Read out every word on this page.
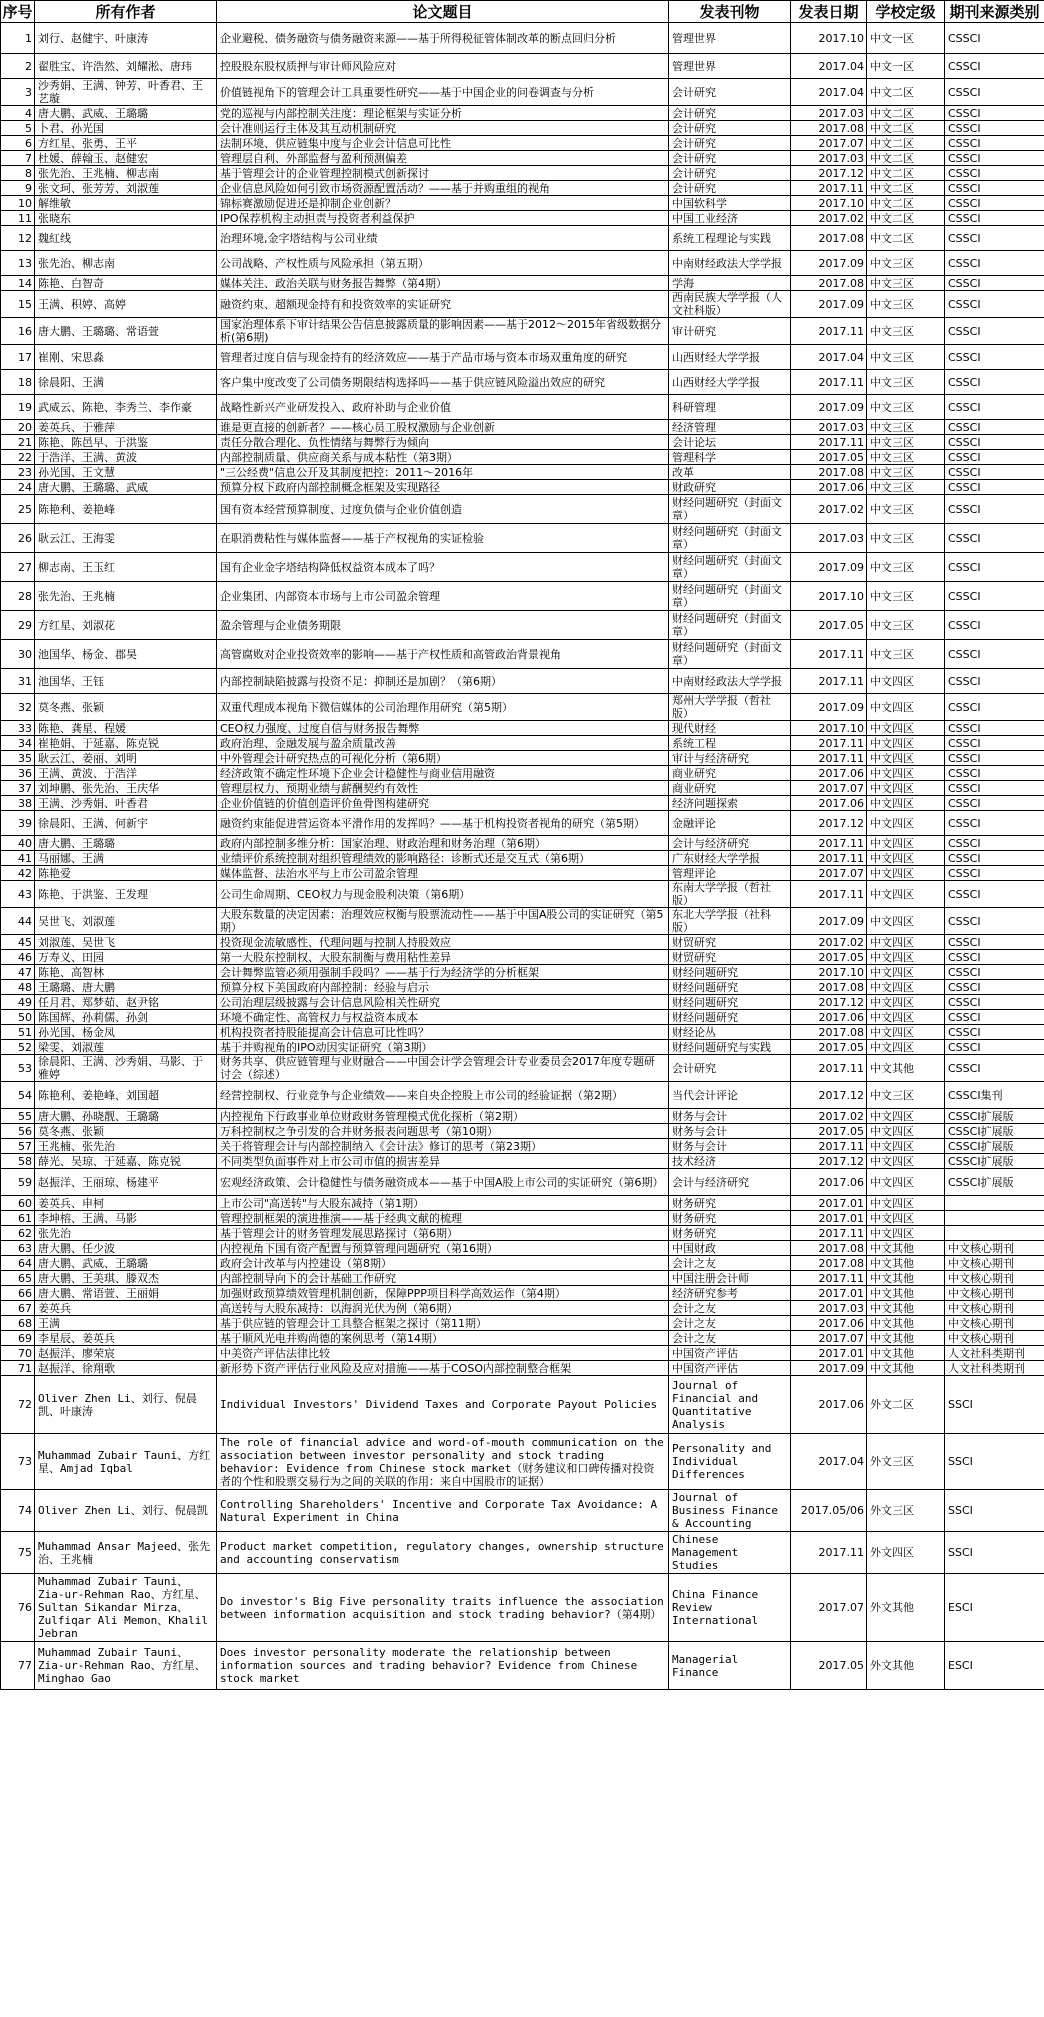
序号	所有作者	论文题目	发表刊物	发表日期	学校定级	期刊来源类别
1	刘行、赵健宇、叶康涛	企业避税、债务融资与债务融资来源——基于所得税征管体制改革的断点回归分析	管理世界	2017.10	中文一区	CSSCI
2	翟胜宝、许浩然、刘耀淞、唐玮	控股股东股权质押与审计师风险应对	管理世界	2017.04	中文一区	CSSCI
3	沙秀娟、王满、钟芳、叶香君、王艺璇	价值链视角下的管理会计工具重要性研究——基于中国企业的问卷调查与分析	会计研究	2017.04	中文二区	CSSCI
4	唐大鹏、武威、王璐璐	党的巡视与内部控制关注度：理论框架与实证分析	会计研究	2017.03	中文二区	CSSCI
5	卜君、孙光国	会计准则运行主体及其互动机制研究	会计研究	2017.08	中文二区	CSSCI
6	方红星、张勇、王平	法制环境、供应链集中度与企业会计信息可比性	会计研究	2017.07	中文二区	CSSCI
7	杜媛、薛翰玉、赵健宏	管理层自利、外部监督与盈利预测偏差	会计研究	2017.03	中文二区	CSSCI
8	张先治、王兆楠、柳志南	基于管理会计的企业管理控制模式创新探讨	会计研究	2017.12	中文二区	CSSCI
9	张文珂、张芳芳、刘淑莲	企业信息风险如何引致市场资源配置活动？——基于并购重组的视角	会计研究	2017.11	中文二区	CSSCI
10	解维敏	锦标赛激励促进还是抑制企业创新？	中国软科学	2017.10	中文二区	CSSCI
11	张晓东	IPO保荐机构主动担责与投资者利益保护	中国工业经济	2017.02	中文二区	CSSCI
12	魏紅线	治理环境,金字塔结构与公司业绩	系统工程理论与实践	2017.08	中文二区	CSSCI
13	张先治、柳志南	公司战略、产权性质与风险承担（第五期）	中南财经政法大学学报	2017.09	中文三区	CSSCI
14	陈艳、白智奇	媒体关注、政治关联与财务报告舞弊（第4期）	学海	2017.08	中文三区	CSSCI
15	王满、积婷、高婷	融资约束、超额现金持有和投资效率的实证研究	西南民族大学学报（人文社科版）	2017.09	中文三区	CSSCI
16	唐大鹏、王璐璐、常语萱	国家治理体系下审计结果公告信息披露质量的影响因素——基于2012～2015年省级数据分析(第6期)	审计研究	2017.11	中文三区	CSSCI
17	崔刚、宋思淼	管理者过度自信与现金持有的经济效应——基于产品市场与资本市场双重角度的研究	山西财经大学学报	2017.04	中文三区	CSSCI
18	徐晨阳、王满	客户集中度改变了公司债务期限结构选择吗——基于供应链风险溢出效应的研究	山西财经大学学报	2017.11	中文三区	CSSCI
19	武威云、陈艳、李秀兰、李作豪	战略性新兴产业研发投入、政府补助与企业价值	科研管理	2017.09	中文三区	CSSCI
20	姜英兵、于雅萍	谁是更直接的创新者？——核心员工股权激励与企业创新	经济管理	2017.03	中文三区	CSSCI
21	陈艳、陈邑早、于洪鉴	责任分散合理化、负性情绪与舞弊行为倾向	会计论坛	2017.11	中文三区	CSSCI
22	于浩洋、王满、黄波	内部控制质量、供应商关系与成本粘性（第3期）	管理科学	2017.05	中文三区	CSSCI
23	孙光国、王文慧	"三公经费"信息公开及其制度把控：2011～2016年	改革	2017.08	中文三区	CSSCI
24	唐大鹏、王璐璐、武威	预算分权下政府内部控制概念框架及实现路径	财政研究	2017.06	中文三区	CSSCI
25	陈艳利、姜艳峰	国有资本经营预算制度、过度负债与企业价值创造	财经问题研究（封面文章）	2017.02	中文三区	CSSCI
26	耿云江、王海雯	在职消费粘性与媒体监督——基于产权视角的实证检验	财经问题研究（封面文章）	2017.03	中文三区	CSSCI
27	柳志南、王玉红	国有企业金字塔结构降低权益资本成本了吗？	财经问题研究（封面文章）	2017.09	中文三区	CSSCI
28	张先治、王兆楠	企业集团、内部资本市场与上市公司盈余管理	财经问题研究（封面文章）	2017.10	中文三区	CSSCI
29	方红星、刘淑花	盈余管理与企业债务期限	财经问题研究（封面文章）	2017.05	中文三区	CSSCI
30	池国华、杨金、郡昊	高管腐败对企业投资效率的影响——基于产权性质和高管政治背景视角	财经问题研究（封面文章）	2017.11	中文三区	CSSCI
31	池国华、王钰	内部控制缺陷披露与投资不足：抑制还是加剧？（第6期）	中南财经政法大学学报	2017.11	中文四区	CSSCI
32	莫冬燕、张颖	双重代理成本视角下微信媒体的公司治理作用研究（第5期）	郑州大学学报（哲社版）	2017.09	中文四区	CSSCI
33	陈艳、龚星、程媛	CEO权力强度、过度自信与财务报告舞弊	现代财经	2017.10	中文四区	CSSCI
34	崔艳娟、于延嘉、陈克锐	政府治理、金融发展与盈余质量改善	系统工程	2017.11	中文四区	CSSCI
35	耿云江、姜丽、刘明	中外管理会计研究热点的可视化分析（第6期）	审计与经济研究	2017.11	中文四区	CSSCI
36	王满、黄波、于浩洋	经济政策不确定性环境下企业会计稳健性与商业信用融资	商业研究	2017.06	中文四区	CSSCI
37	刘坤鹏、张先治、王庆华	管理层权力、预期业绩与薪酬契约有效性	商业研究	2017.07	中文四区	CSSCI
38	王满、沙秀娟、叶香君	企业价值链的价值创造评价鱼骨图构建研究	经济问题探索	2017.06	中文四区	CSSCI
39	徐晨阳、王满、何新宇	融资约束能促进营运资本平滑作用的发挥吗？——基于机构投资者视角的研究（第5期）	金融评论	2017.12	中文四区	CSSCI
40	唐大鹏、王璐璐	政府内部控制多维分析：国家治理、财政治理和财务治理（第6期）	会计与经济研究	2017.11	中文四区	CSSCI
41	马丽娜、王满	业绩评价系统控制对组织管理绩效的影响路径：诊断式还是交互式（第6期）	广东财经大学学报	2017.11	中文四区	CSSCI
42	陈艳爱	媒体监督、法治水平与上市公司盈余管理	管理评论	2017.07	中文四区	CSSCI
43	陈艳、于洪鉴、王发理	公司生命周期、CEO权力与现金股利决策（第6期）	东南大学学报（哲社版）	2017.11	中文四区	CSSCI
44	吴世飞、刘淑莲	大股东数量的决定因素：治理效应权衡与股票流动性——基于中国A股公司的实证研究（第5期）	东北大学学报（社科版）	2017.09	中文四区	CSSCI
45	刘淑莲、吴世飞	投资现金流敏感性、代理问题与控制人持股效应	财贸研究	2017.02	中文四区	CSSCI
46	万寿义、田园	第一大股东控制权、大股东制衡与费用粘性差异	财贸研究	2017.05	中文四区	CSSCI
47	陈艳、高智林	会计舞弊监管必须用强制手段吗？——基于行为经济学的分析框架	财经问题研究	2017.10	中文四区	CSSCI
48	王璐璐、唐大鹏	预算分权下美国政府内部控制：经验与启示	财经问题研究	2017.08	中文四区	CSSCI
49	任月君、郑梦茹、赵尹铭	公司治理层级披露与会计信息风险相关性研究	财经问题研究	2017.12	中文四区	CSSCI
50	陈国辉、孙莉儒、孙剑	环境不确定性、高管权力与权益资本成本	财经问题研究	2017.06	中文四区	CSSCI
51	孙光国、杨金凤	机构投资者持股能提高会计信息可比性吗？	财经论丛	2017.08	中文四区	CSSCI
52	梁雯、刘淑莲	基于并购视角的IPO动因实证研究（第3期）	财经问题研究与实践	2017.05	中文四区	CSSCI
53	徐晨阳、王满、沙秀娟、马影、于雅婷	财务共享、供应链管理与业财融合——中国会计学会管理会计专业委员会2017年度专题研讨会（综述）	会计研究	2017.11	中文其他	CSSCI
54	陈艳利、姜艳峰、刘国超	经营控制权、行业竞争与企业绩效——来自央企控股上市公司的经验证据（第2期）	当代会计评论	2017.12	中文三区	CSSCI集刊
55	唐大鹏、孙晓靓、王璐璐	内控视角下行政事业单位财政财务管理模式优化探析（第2期）	财务与会计	2017.02	中文四区	CSSCI扩展版
56	莫冬燕、张颖	万科控制权之争引发的合并财务报表问题思考（第10期）	财务与会计	2017.05	中文四区	CSSCI扩展版
57	王兆楠、张先治	关于将管理会计与内部控制纳入《会计法》修订的思考（第23期）	财务与会计	2017.11	中文四区	CSSCI扩展版
58	薛光、吴琼、于延嘉、陈克锐	不同类型负面事件对上市公司市值的损害差异	技术经济	2017.12	中文四区	CSSCI扩展版
59	赵振洋、王丽琼、杨建平	宏观经济政策、会计稳健性与债务融资成本——基于中国A股上市公司的实证研究（第6期）	会计与经济研究	2017.06	中文四区	CSSCI扩展版
60	姜英兵、申柯	上市公司"高送转"与大股东减持（第1期）	财务研究	2017.01	中文四区	
61	李坤榕、王满、马影	管理控制框架的演进推演——基于经典文献的梳理	财务研究	2017.01	中文四区	
62	张先治	基于管理会计的财务管理发展思路探讨（第6期）	财务研究	2017.11	中文四区	
63	唐大鹏、任少波	内控视角下国有资产配置与预算管理问题研究（第16期）	中国财政	2017.08	中文其他	中文核心期刊
64	唐大鹏、武威、王璐璐	政府会计改革与内控建设（第8期）	会计之友	2017.08	中文其他	中文核心期刊
65	唐大鹏、王美琪、滕双杰	内部控制导向下的会计基础工作研究	中国注册会计师	2017.11	中文其他	中文核心期刊
66	唐大鹏、常语萱、王丽娟	加强财政预算绩效管理机制创新，保障PPP项目科学高效运作（第4期）	经济研究参考	2017.01	中文其他	中文核心期刊
67	姜英兵	高送转与大股东减持：以海润光伏为例（第6期）	会计之友	2017.03	中文其他	中文核心期刊
68	王满	基于供应链的管理会计工具整合框架之探讨（第11期）	会计之友	2017.06	中文其他	中文核心期刊
69	李星辰、姜英兵	基于顺风光电并购尚德的案例思考（第14期）	会计之友	2017.07	中文其他	中文核心期刊
70	赵振洋、廖荣宸	中美资产评估法律比较	中国资产评估	2017.01	中文其他	人文社科类期刊
71	赵振洋、徐翔歌	新形势下资产评估行业风险及应对措施——基于COSO内部控制整合框架	中国资产评估	2017.09	中文其他	人文社科类期刊
72	Oliver Zhen Li、刘行、倪晨凯、叶康涛	Individual Investors' Dividend Taxes and Corporate Payout Policies	Journal of Financial and Quantitative Analysis	2017.06	外文二区	SSCI
73	Muhammad Zubair Tauni、方红星、Amjad Iqbal	The role of financial advice and word-of-mouth communication on the association between investor personality and stock trading behavior: Evidence from Chinese stock market（财务建议和口碑传播对投资者的个性和股票交易行为之间的关联的作用：来自中国股市的证据）	Personality and Individual Differences	2017.04	外文三区	SSCI
74	Oliver Zhen Li、刘行、倪晨凯	Controlling Shareholders' Incentive and Corporate Tax Avoidance: A Natural Experiment in China	Journal of Business Finance & Accounting	2017.05/06	外文三区	SSCI
75	Muhammad Ansar Majeed、张先治、王兆楠	Product market competition, regulatory changes, ownership structure and accounting conservatism	Chinese Management Studies	2017.11	外文四区	SSCI
76	Muhammad Zubair Tauni、Zia-ur-Rehman Rao、方红星、Sultan Sikandar Mirza、Zulfiqar Ali Memon、Khalil Jebran	Do investor's Big Five personality traits influence the association between information acquisition and stock trading behavior?（第4期）	China Finance Review International	2017.07	外文其他	ESCI
77	Muhammad Zubair Tauni、Zia-ur-Rehman Rao、方红星、Minghao Gao	Does investor personality moderate the relationship between information sources and trading behavior? Evidence from Chinese stock market	Managerial Finance	2017.05	外文其他	ESCI
